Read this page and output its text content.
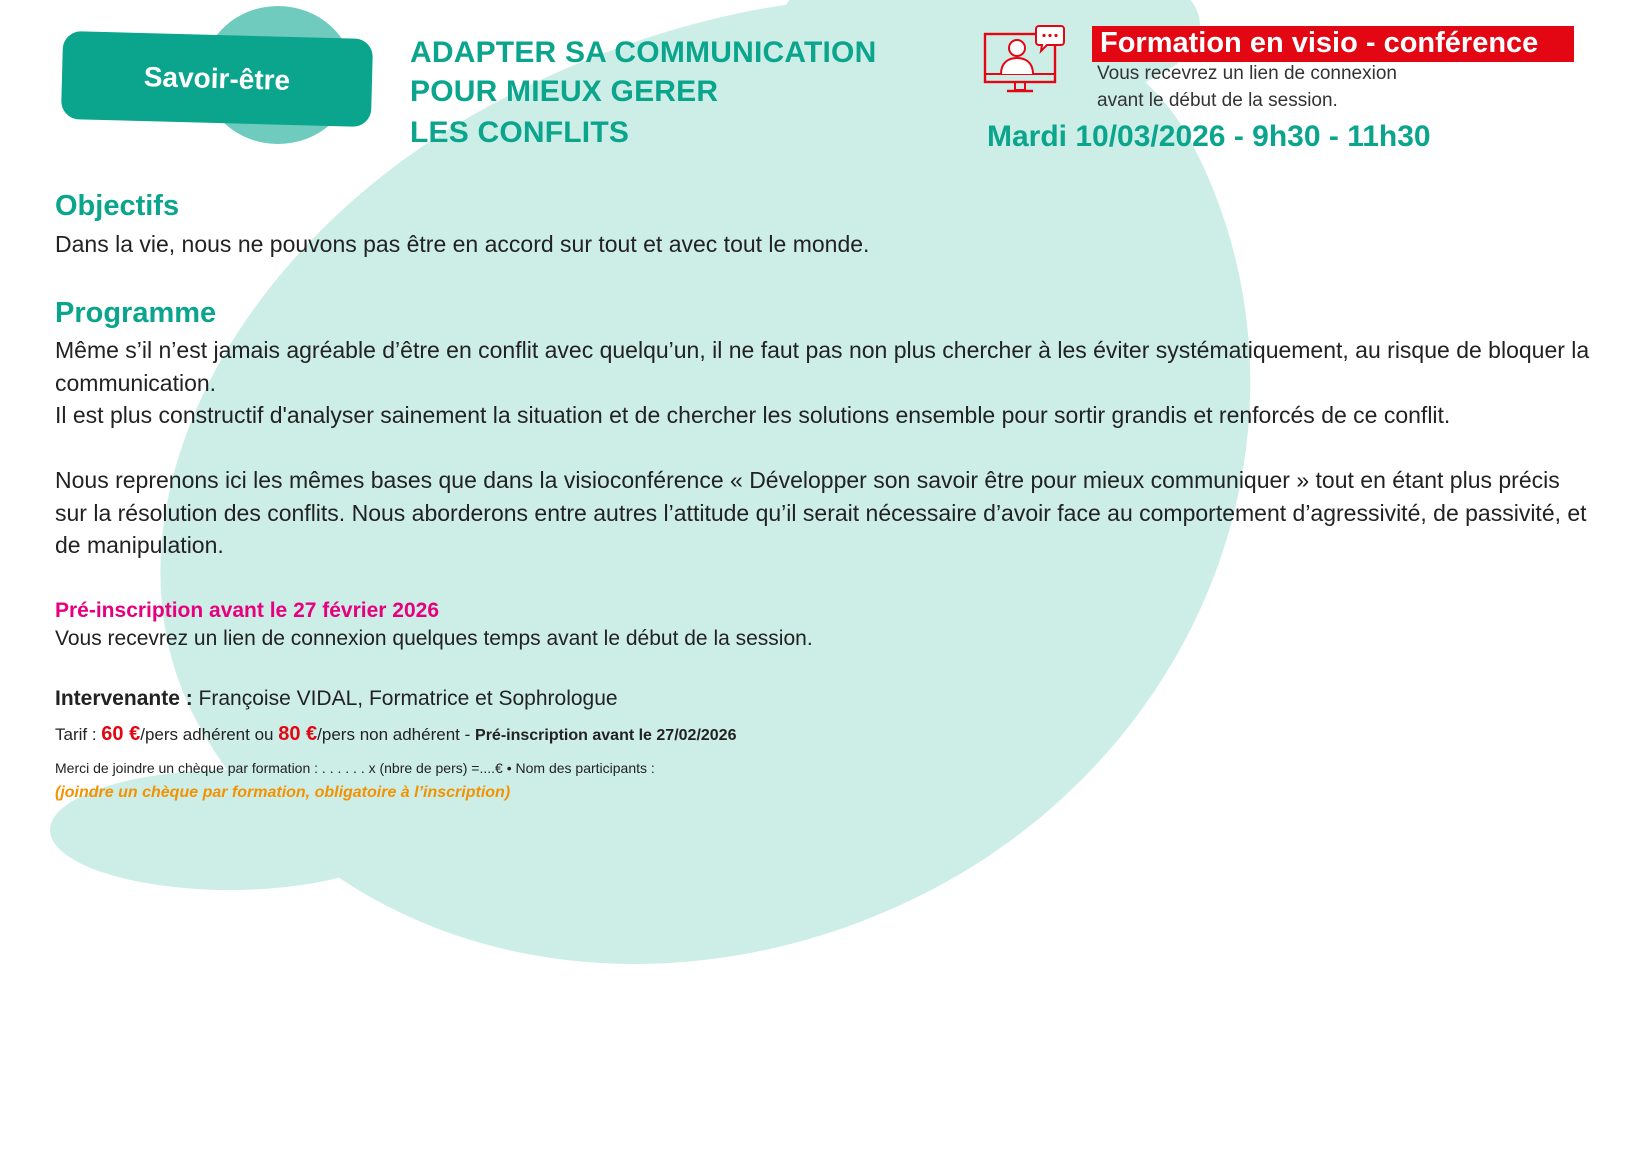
Savoir-être
ADAPTER SA COMMUNICATION
POUR MIEUX GERER
LES CONFLITS
Formation en visio - conférence
Vous recevrez un lien de connexion
avant le début de la session.
Mardi 10/03/2026 - 9h30 - 11h30
Objectifs
Dans la vie, nous ne pouvons pas être en accord sur tout et avec tout le monde.
Programme
Même s’il n’est jamais agréable d’être en conflit avec quelqu’un, il ne faut pas non plus chercher à les éviter systématiquement, au risque de bloquer la communication.
Il est plus constructif d'analyser sainement la situation et de chercher les solutions ensemble pour sortir grandis et renforcés de ce conflit.
Nous reprenons ici les mêmes bases que dans la visioconférence « Développer son savoir être pour mieux communiquer » tout en étant plus précis sur la résolution des conflits. Nous aborderons entre autres l’attitude qu’il serait nécessaire d’avoir face au comportement d’agressivité, de passivité, et de manipulation.
Pré-inscription avant le 27 février 2026
Vous recevrez un lien de connexion quelques temps avant le début de la session.
Intervenante : Françoise VIDAL, Formatrice et Sophrologue
Tarif : 60 €/pers adhérent ou 80 €/pers non adhérent - Pré-inscription avant le 27/02/2026
Merci de joindre un chèque par formation : . . . . . . x (nbre de pers) =....€ • Nom des participants :
(joindre un chèque par formation, obligatoire à l’inscription)
